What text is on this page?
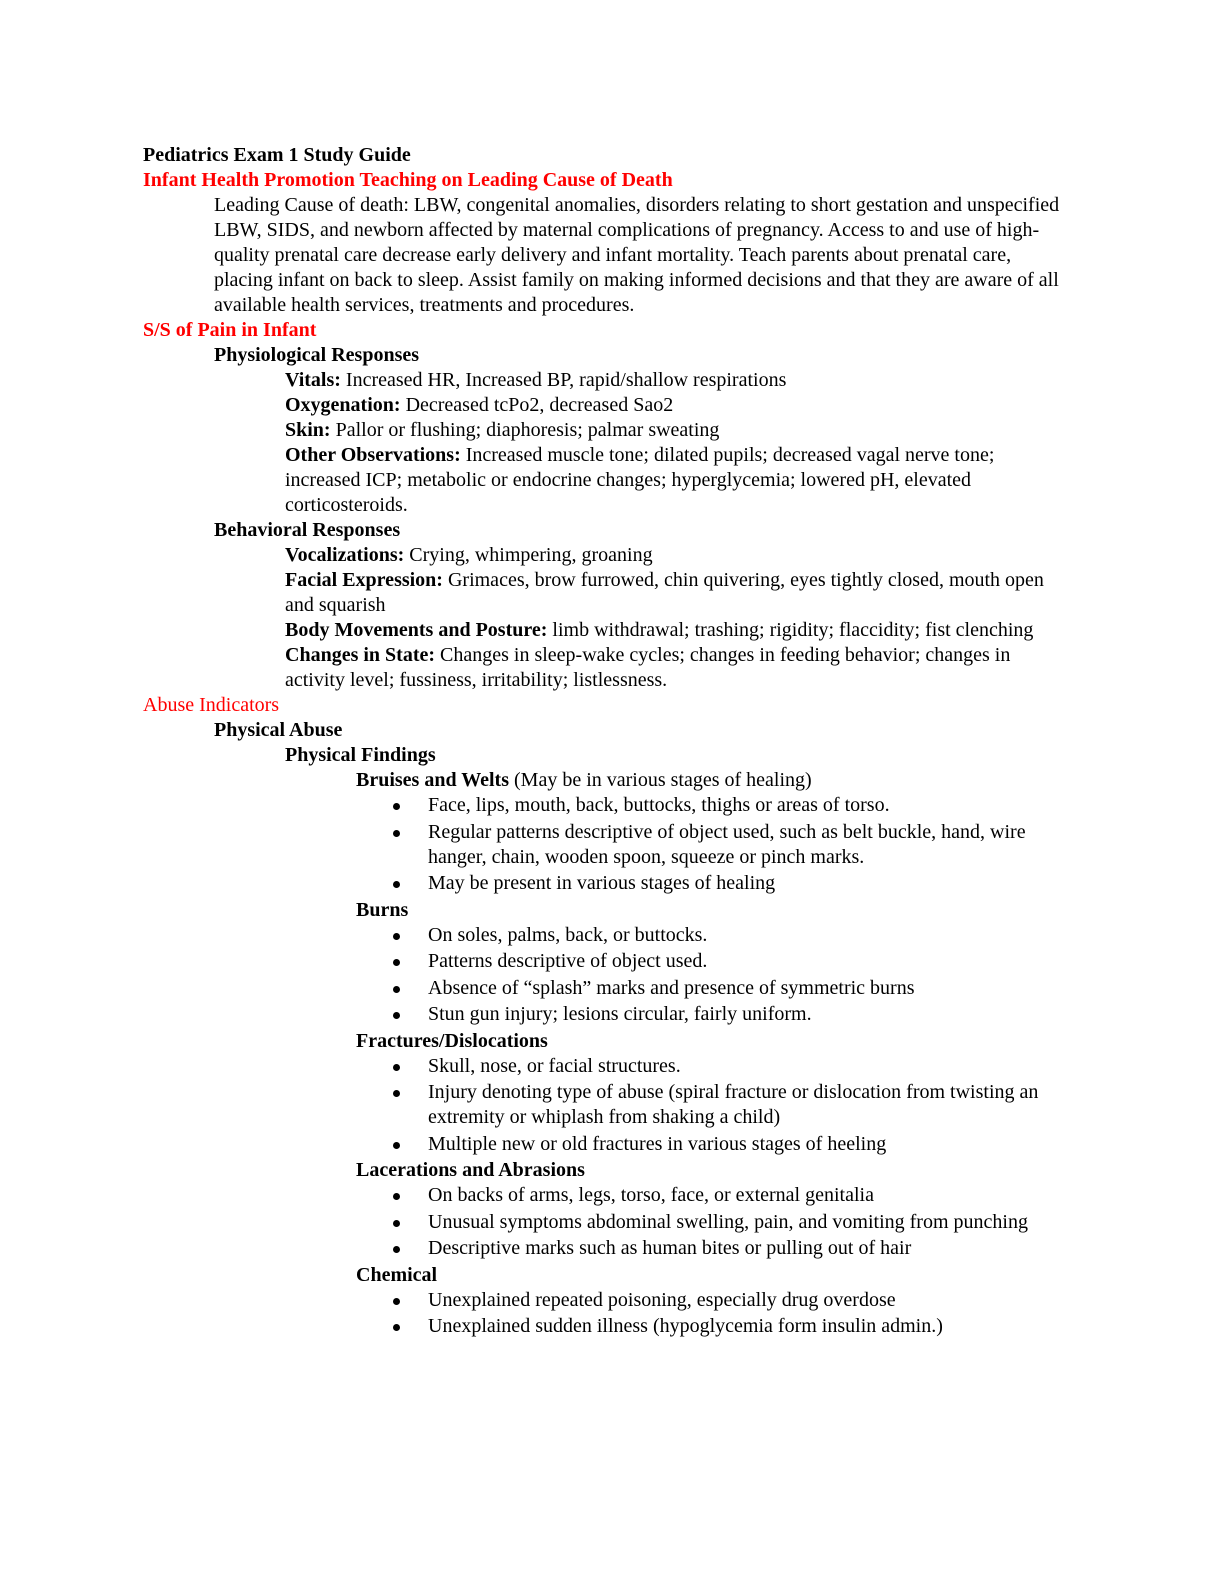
Pediatrics Exam 1 Study Guide

Infant Health Promotion Teaching on Leading Cause of Death

Leading Cause of death: LBW, congenital anomalies, disorders relating to short gestation and unspecified LBW, SIDS, and newborn affected by maternal complications of pregnancy. Access to and use of high-quality prenatal care decrease early delivery and infant mortality. Teach parents about prenatal care, placing infant on back to sleep. Assist family on making informed decisions and that they are aware of all available health services, treatments and procedures.

S/S of Pain in Infant

Physiological Responses

Vitals: Increased HR, Increased BP, rapid/shallow respirations

Oxygenation: Decreased tcPo2, decreased Sao2

Skin: Pallor or flushing; diaphoresis; palmar sweating

Other Observations: Increased muscle tone; dilated pupils; decreased vagal nerve tone; increased ICP; metabolic or endocrine changes; hyperglycemia; lowered pH, elevated corticosteroids.

Behavioral Responses

Vocalizations: Crying, whimpering, groaning

Facial Expression: Grimaces, brow furrowed, chin quivering, eyes tightly closed, mouth open and squarish

Body Movements and Posture: limb withdrawal; trashing; rigidity; flaccidity; fist clenching

Changes in State: Changes in sleep-wake cycles; changes in feeding behavior; changes in activity level; fussiness, irritability; listlessness.

Abuse Indicators

Physical Abuse

Physical Findings

Bruises and Welts (May be in various stages of healing)

Face, lips, mouth, back, buttocks, thighs or areas of torso.
Regular patterns descriptive of object used, such as belt buckle, hand, wire hanger, chain, wooden spoon, squeeze or pinch marks.
May be present in various stages of healing

Burns

On soles, palms, back, or buttocks.
Patterns descriptive of object used.
Absence of “splash” marks and presence of symmetric burns
Stun gun injury; lesions circular, fairly uniform.

Fractures/Dislocations

Skull, nose, or facial structures.
Injury denoting type of abuse (spiral fracture or dislocation from twisting an extremity or whiplash from shaking a child)
Multiple new or old fractures in various stages of heeling

Lacerations and Abrasions

On backs of arms, legs, torso, face, or external genitalia
Unusual symptoms abdominal swelling, pain, and vomiting from punching
Descriptive marks such as human bites or pulling out of hair

Chemical

Unexplained repeated poisoning, especially drug overdose
Unexplained sudden illness (hypoglycemia form insulin admin.)
